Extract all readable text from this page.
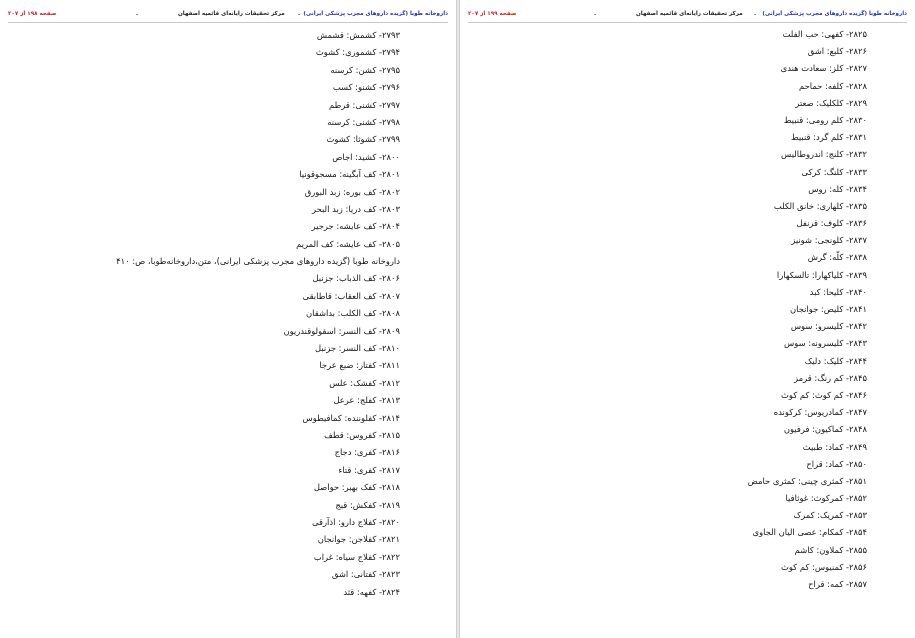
صفحه ۱۹۸ از ۲۰۷	.	مرکز تحقیقات رایانه‌ای قائمیه اصفهان . داروخانه طوبا (گزیده داروهای مجرب پزشکی ایرانی)
۲۷۹۳- کشمش: قشمش
۲۷۹۴- کشموری: کشوث
۲۷۹۵- کشن: کرسنه
۲۷۹۶- کشنو: کسب
۲۷۹۷- کشنی: قرطم
۲۷۹۸- کشنی: کرسنه
۲۷۹۹- کشوثا: کشوث
۲۸۰۰- کشید: اجاص
۲۸۰۱- کف آبگینه: مسحوقونیا
۲۸۰۲- کف بوره: زبد البورق
۲۸۰۳- کف دریا: زبد البحر
۲۸۰۴- کف عایشه: جرجیر
۲۸۰۵- کف عایشه: کف المریم
داروخانه طوبا (گزیده داروهای مجرب پزشکی ایرانی)، متن،داروخانه‌طوبا، ص: ۴۱۰
۲۸۰۶- کف الذباب: جزنبل
۲۸۰۷- کف العقاب: قاطابقی
۲۸۰۸- کف الکلب: بداشقان
۲۸۰۹- کف النسر: اسقولوقندریون
۲۸۱۰- کف النسر: جزنبل
۲۸۱۱- کفتار: ضبع عرجا
۲۸۱۲- کفشک: علس
۲۸۱۳- کفلج: عرعل
۲۸۱۴- کفلوننده: کمافیطوس
۲۸۱۵- کفروس: قطف
۲۸۱۶- کفری: دجاج
۲۸۱۷- کفری: قتاء
۲۸۱۸- کفک بهبر: حواصل
۲۸۱۹- کفکش: قبج
۲۸۲۰- کفلاج دارو: اذآرقی
۲۸۲۱- کفلاجن: جوانجان
۲۸۲۲- کفلاج سیاه: غراب
۲۸۲۳- کفتانی: اشق
۲۸۲۴- کفهه: قثد
صفحه ۱۹۹ از ۲۰۷	.	مرکز تحقیقات رایانه‌ای قائمیه اصفهان . داروخانه طوبا (گزیده داروهای مجرب پزشکی ایرانی)
۲۸۲۵- کفهی: حب الفلت
۲۸۲۶- کلبع: اشق
۲۸۲۷- کلز: سعادت هندی
۲۸۲۸- کلفه: حماحم
۲۸۲۹- کلکلیک: صعتر
۲۸۳۰- کلم رومی: قنبیط
۲۸۳۱- کلم گرد: قنبیط
۲۸۳۲- کلنج: اندروطالیس
۲۸۳۳- کلنگ: کرکی
۲۸۳۴- کله: روس
۲۸۳۵- کلهاری: خانق الکلب
۲۸۳۶- کلوف: قرنفل
۲۸۳۷- کلونجی: شونیز
۲۸۳۸- کلّه: گرش
۲۸۳۹- کلیاکهارا: تالسکهارا
۲۸۴۰- کلیحا: کبد
۲۸۴۱- کلیص: جوانجان
۲۸۴۲- کلیسرو: سوس
۲۸۴۳- کلیسرونه: سوس
۲۸۴۴- کلیک: دلیک
۲۸۴۵- کم رنگ: قرمز
۲۸۴۶- کم کوث: کم کوث
۲۸۴۷- کمادریوس: کرکونده
۲۸۴۸- کماکیون: فرفیون
۲۸۴۹- کماد: طبیث
۲۸۵۰- کماد: قراح
۲۸۵۱- کمثری چینی: کمثری حامض
۲۸۵۲- کمرکوث: غوثافیا
۲۸۵۳- کمریک: کمرک
۲۸۵۴- کمکام: عصی الیان الجاوی
۲۸۵۵- کملاون: کاشم
۲۸۵۶- کمنیوس: کم کوث
۲۸۵۷- کمه: قراح
